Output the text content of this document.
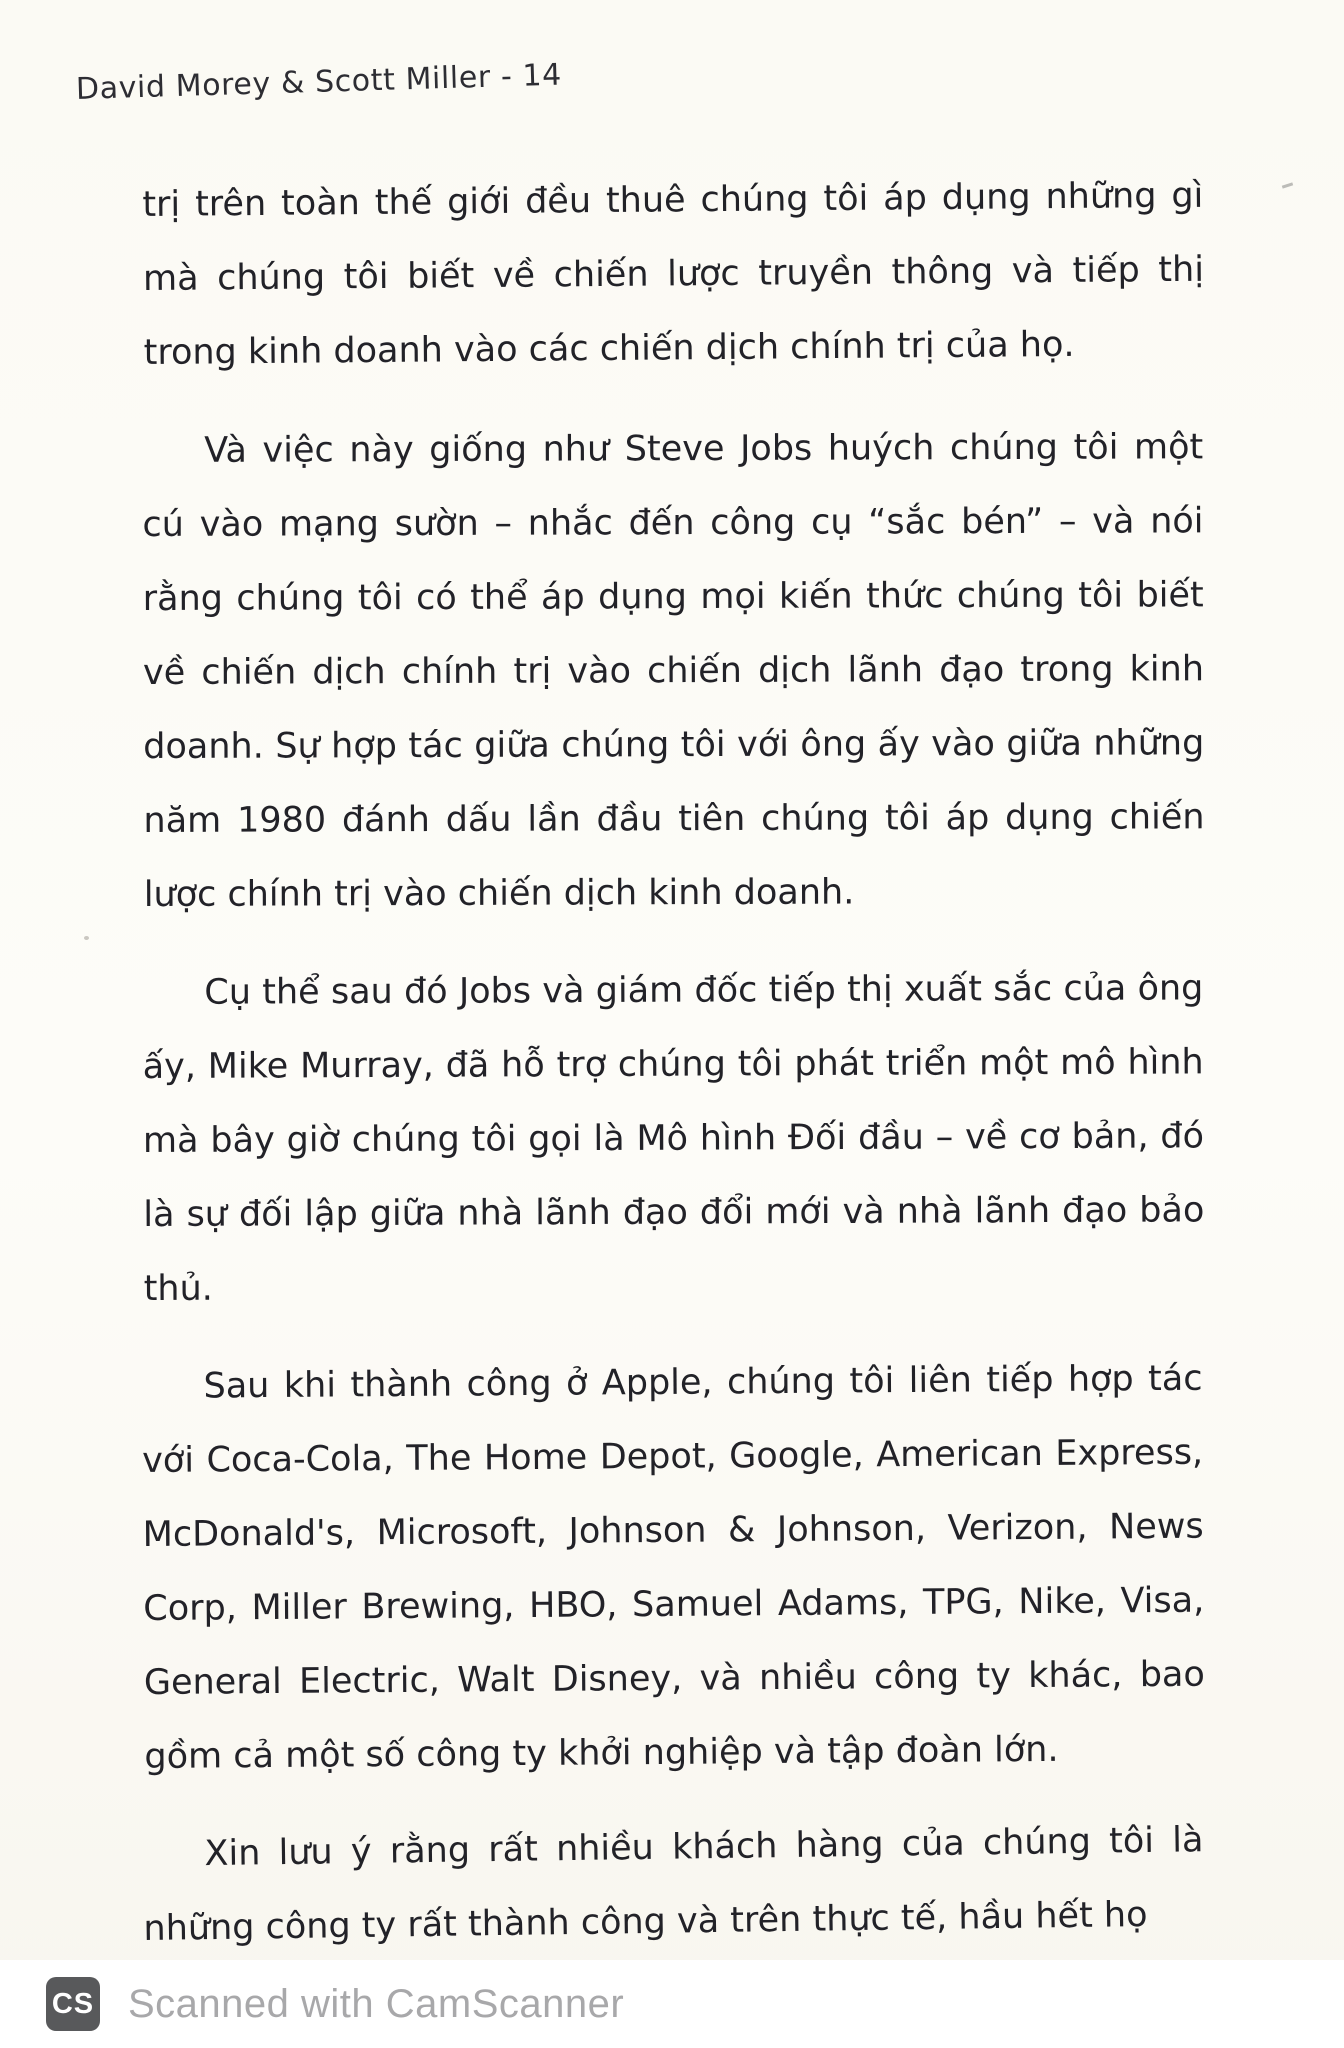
David Morey & Scott Miller - 14

trị trên toàn thế giới đều thuê chúng tôi áp dụng những gì mà chúng tôi biết về chiến lược truyền thông và tiếp thị trong kinh doanh vào các chiến dịch chính trị của họ.

Và việc này giống như Steve Jobs huých chúng tôi một cú vào mạng sườn – nhắc đến công cụ “sắc bén” – và nói rằng chúng tôi có thể áp dụng mọi kiến thức chúng tôi biết về chiến dịch chính trị vào chiến dịch lãnh đạo trong kinh doanh. Sự hợp tác giữa chúng tôi với ông ấy vào giữa những năm 1980 đánh dấu lần đầu tiên chúng tôi áp dụng chiến lược chính trị vào chiến dịch kinh doanh.

Cụ thể sau đó Jobs và giám đốc tiếp thị xuất sắc của ông ấy, Mike Murray, đã hỗ trợ chúng tôi phát triển một mô hình mà bây giờ chúng tôi gọi là Mô hình Đối đầu – về cơ bản, đó là sự đối lập giữa nhà lãnh đạo đổi mới và nhà lãnh đạo bảo thủ.

Sau khi thành công ở Apple, chúng tôi liên tiếp hợp tác với Coca-Cola, The Home Depot, Google, American Express, McDonald's, Microsoft, Johnson & Johnson, Verizon, News Corp, Miller Brewing, HBO, Samuel Adams, TPG, Nike, Visa, General Electric, Walt Disney, và nhiều công ty khác, bao gồm cả một số công ty khởi nghiệp và tập đoàn lớn.

Xin lưu ý rằng rất nhiều khách hàng của chúng tôi là những công ty rất thành công và trên thực tế, hầu hết họ

CS Scanned with CamScanner
